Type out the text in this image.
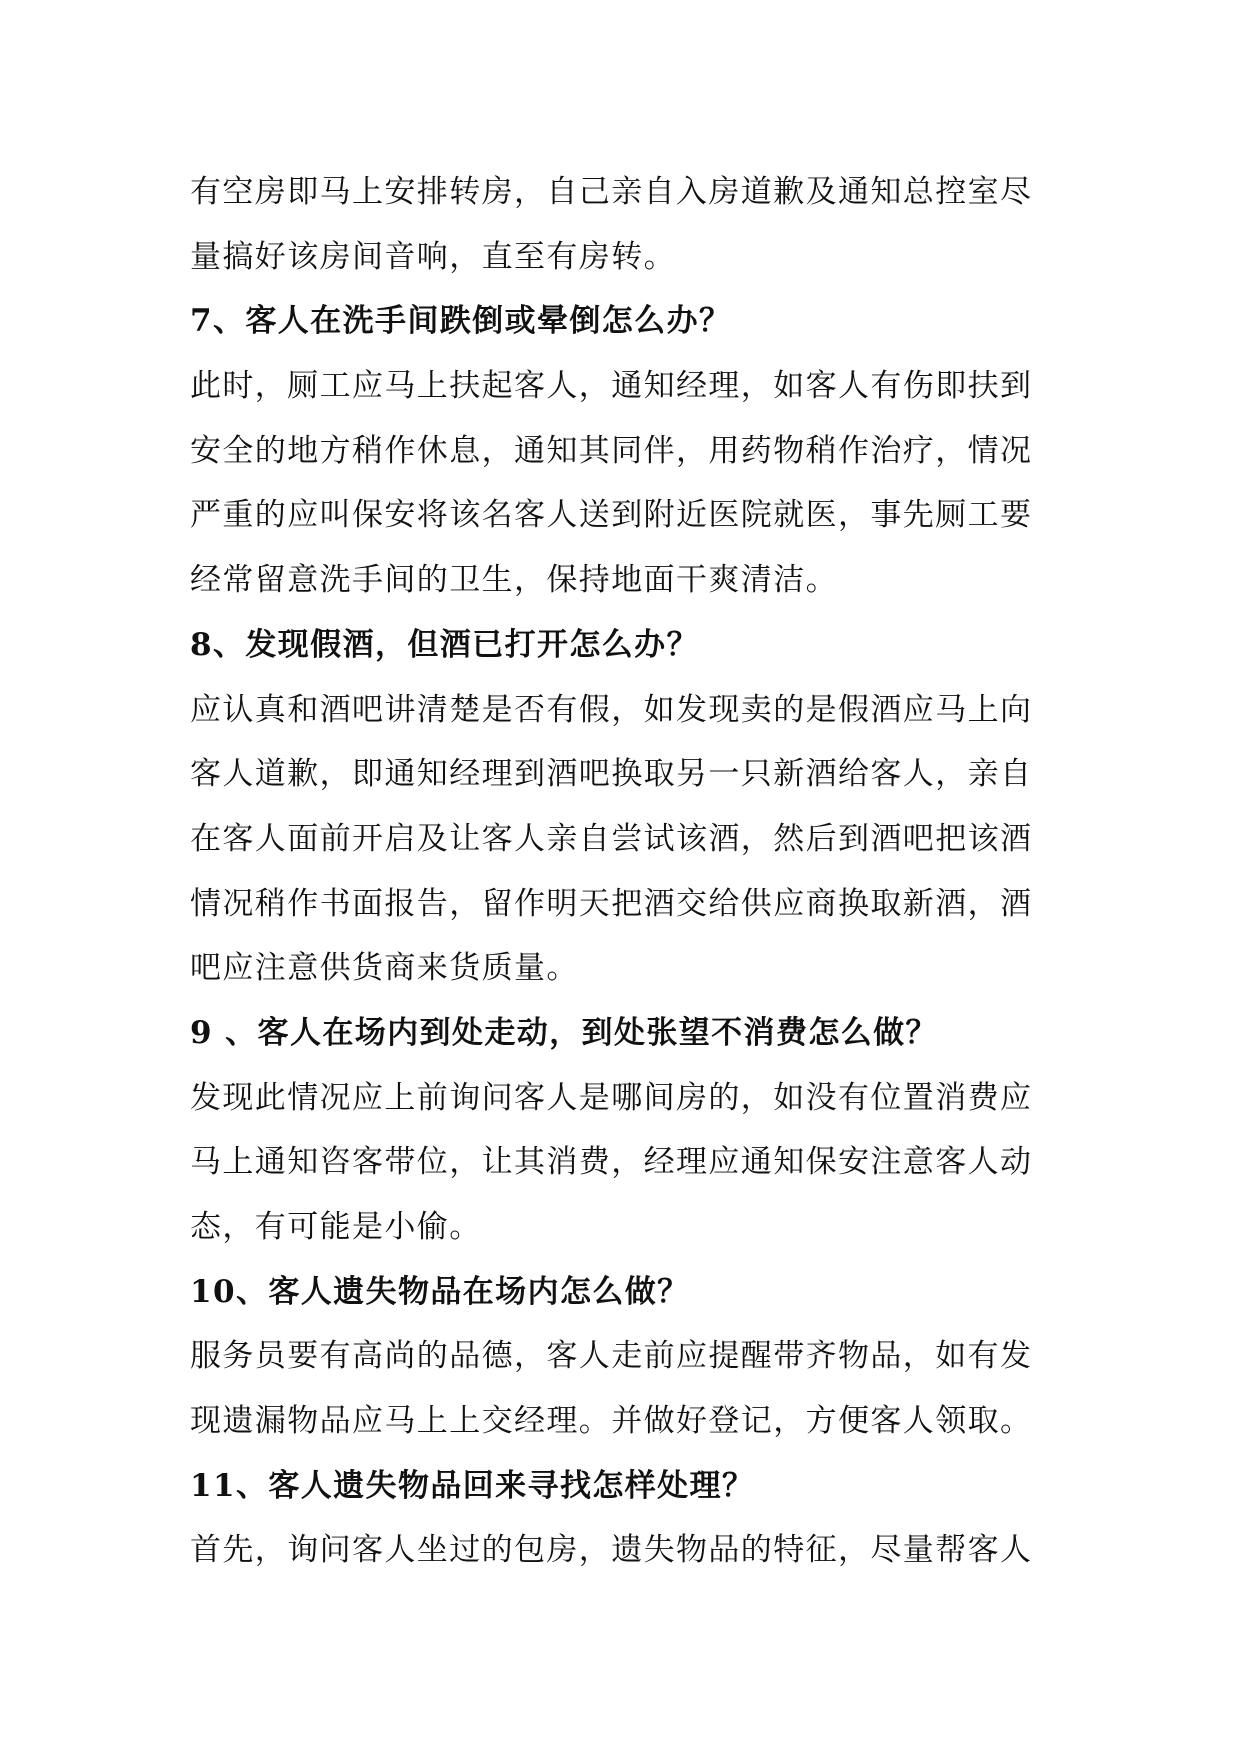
有空房即马上安排转房，自己亲自入房道歉及通知总控室尽
量搞好该房间音响，直至有房转。
7、客人在洗手间跌倒或晕倒怎么办？
此时，厕工应马上扶起客人，通知经理，如客人有伤即扶到
安全的地方稍作休息，通知其同伴，用药物稍作治疗，情况
严重的应叫保安将该名客人送到附近医院就医，事先厕工要
经常留意洗手间的卫生，保持地面干爽清洁。
8、发现假酒，但酒已打开怎么办？
应认真和酒吧讲清楚是否有假，如发现卖的是假酒应马上向
客人道歉，即通知经理到酒吧换取另一只新酒给客人，亲自
在客人面前开启及让客人亲自尝试该酒，然后到酒吧把该酒
情况稍作书面报告，留作明天把酒交给供应商换取新酒，酒
吧应注意供货商来货质量。
9 、客人在场内到处走动，到处张望不消费怎么做？
发现此情况应上前询问客人是哪间房的，如没有位置消费应
马上通知咨客带位，让其消费，经理应通知保安注意客人动
态，有可能是小偷。
10、客人遗失物品在场内怎么做？
服务员要有高尚的品德，客人走前应提醒带齐物品，如有发
现遗漏物品应马上上交经理。并做好登记，方便客人领取。
11、客人遗失物品回来寻找怎样处理？
首先，询问客人坐过的包房，遗失物品的特征，尽量帮客人
